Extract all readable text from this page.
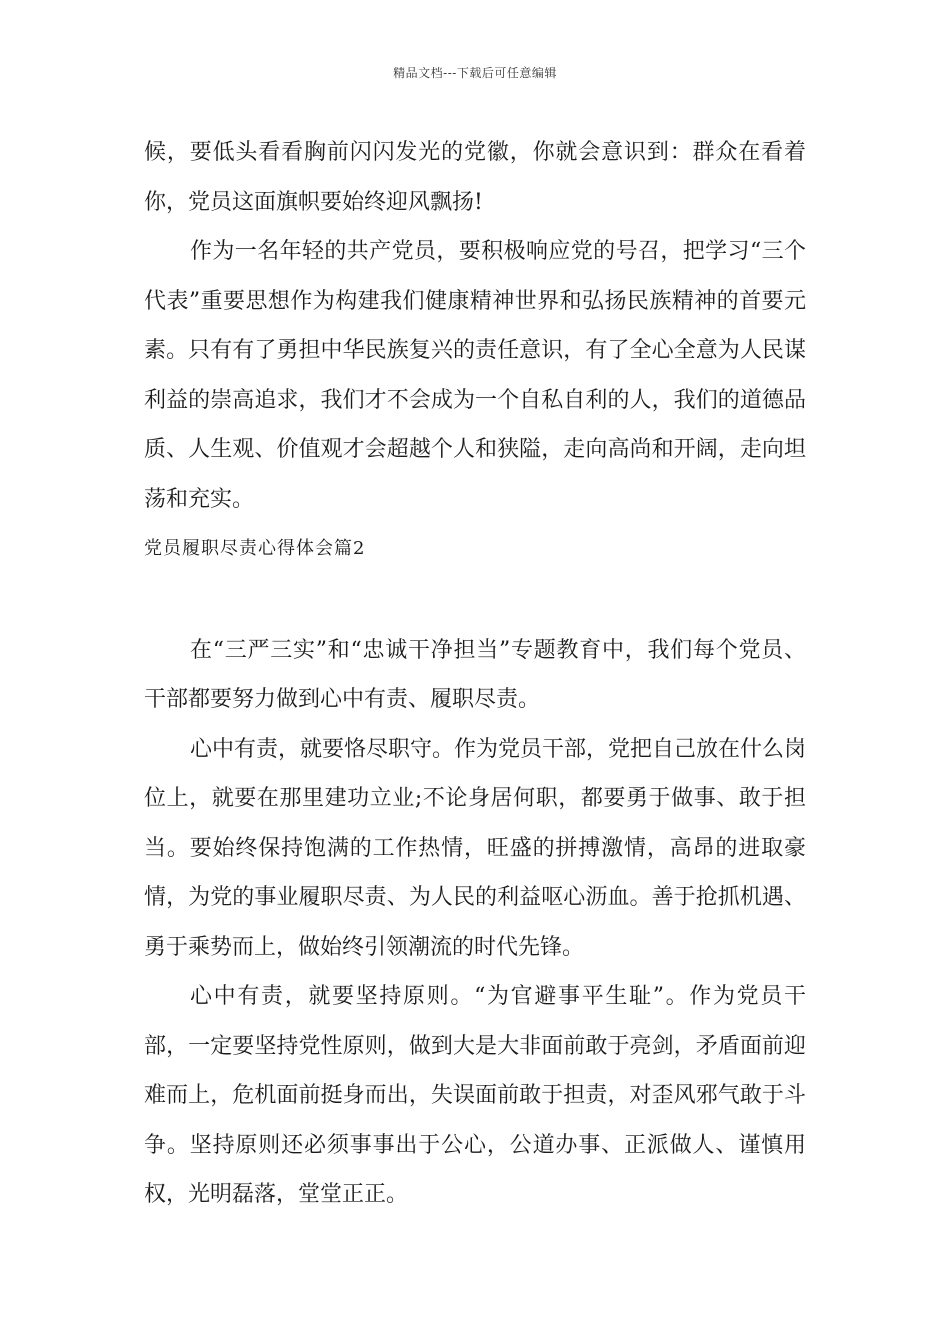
精品文档---下载后可任意编辑

候，要低头看看胸前闪闪发光的党徽，你就会意识到：群众在看着你，党员这面旗帜要始终迎风飘扬!

作为一名年轻的共产党员，要积极响应党的号召，把学习“三个代表”重要思想作为构建我们健康精神世界和弘扬民族精神的首要元素。只有有了勇担中华民族复兴的责任意识，有了全心全意为人民谋利益的崇高追求，我们才不会成为一个自私自利的人，我们的道德品质、人生观、价值观才会超越个人和狭隘，走向高尚和开阔，走向坦荡和充实。

党员履职尽责心得体会篇2

在“三严三实”和“忠诚干净担当”专题教育中，我们每个党员、干部都要努力做到心中有责、履职尽责。

心中有责，就要恪尽职守。作为党员干部，党把自己放在什么岗位上，就要在那里建功立业;不论身居何职，都要勇于做事、敢于担当。要始终保持饱满的工作热情，旺盛的拼搏激情，高昂的进取豪情，为党的事业履职尽责、为人民的利益呕心沥血。善于抢抓机遇、勇于乘势而上，做始终引领潮流的时代先锋。

心中有责，就要坚持原则。“为官避事平生耻”。作为党员干部，一定要坚持党性原则，做到大是大非面前敢于亮剑，矛盾面前迎难而上，危机面前挺身而出，失误面前敢于担责，对歪风邪气敢于斗争。坚持原则还必须事事出于公心，公道办事、正派做人、谨慎用权，光明磊落，堂堂正正。
